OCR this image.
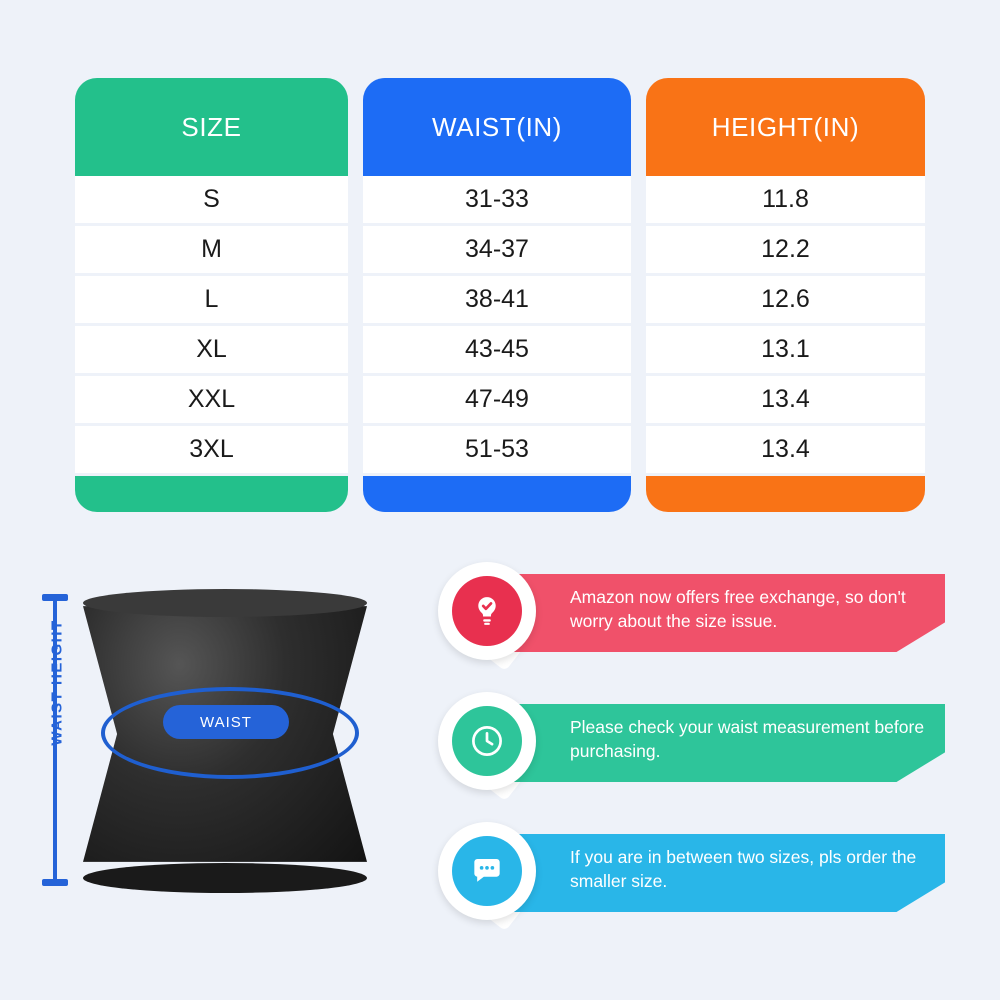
SIZE
S
M
L
XL
XXL
3XL
WAIST(IN)
31-33
34-37
38-41
43-45
47-49
51-53
HEIGHT(IN)
11.8
12.2
12.6
13.1
13.4
13.4
WAIST HEIGHT	WAIST
Amazon now offers free exchange, so don't worry about the size issue.
Please check your waist measurement before purchasing.
If you are in between two sizes, pls order the smaller size.
